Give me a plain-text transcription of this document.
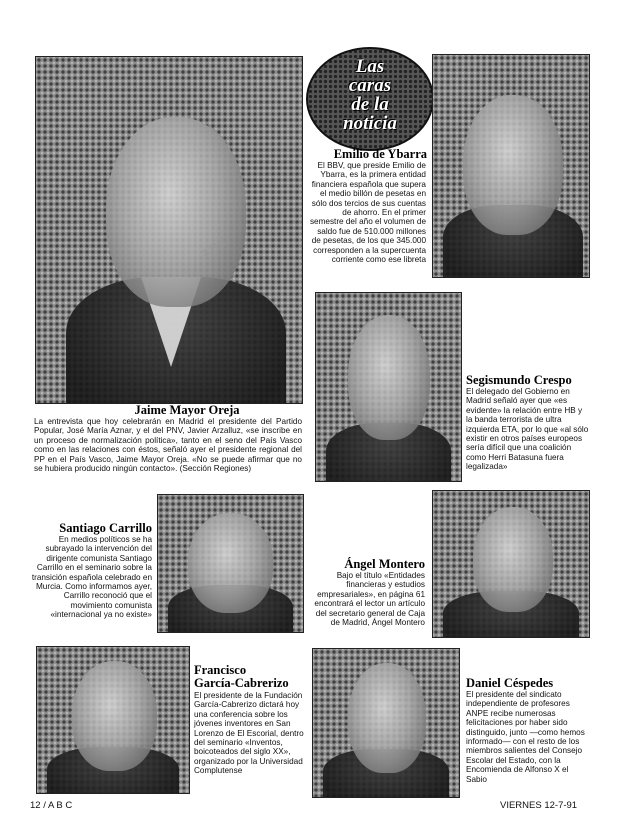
ABC
Jaime Mayor Oreja
La entrevista que hoy celebrarán en Madrid el presidente del Partido Popular, José María Aznar, y el del PNV, Javier Arzalluz, «se inscribe en un proceso de normalización política», tanto en el seno del País Vasco como en las relaciones con éstos, señaló ayer el presidente regional del PP en el País Vasco, Jaime Mayor Oreja. «No se puede afirmar que no se hubiera producido ningún contacto». (Sección Regiones)
Las
caras
de la
noticia
Emilio de Ybarra
El BBV, que preside Emilio de Ybarra, es la primera entidad financiera española que supera el medio billón de pesetas en sólo dos tercios de sus cuentas de ahorro. En el primer semestre del año el volumen de saldo fue de 510.000 millones de pesetas, de los que 345.000 corresponden a la supercuenta corriente como ese libreta
Segismundo Crespo
El delegado del Gobierno en Madrid señaló ayer que «es evidente» la relación entre HB y la banda terrorista de ultra izquierda ETA, por lo que «al sólo existir en otros países europeos sería difícil que una coalición como Herri Batasuna fuera legalizada»
Santiago Carrillo
En medios políticos se ha subrayado la intervención del dirigente comunista Santiago Carrillo en el seminario sobre la transición española celebrado en Murcia. Como informamos ayer, Carrillo reconoció que el movimiento comunista «internacional ya no existe»
Ángel Montero
Bajo el título «Entidades financieras y estudios empresariales», en página 61 encontrará el lector un artículo del secretario general de Caja de Madrid, Ángel Montero
Francisco
García-Cabrerizo
El presidente de la Fundación García-Cabrerizo dictará hoy una conferencia sobre los jóvenes inventores en San Lorenzo de El Escorial, dentro del seminario «Inventos, boicoteados del siglo XX», organizado por la Universidad Complutense
Daniel Céspedes
El presidente del sindicato independiente de profesores ANPE recibe numerosas felicitaciones por haber sido distinguido, junto —como hemos informado— con el resto de los miembros salientes del Consejo Escolar del Estado, con la Encomienda de Alfonso X el Sabio
12 / A B C	VIERNES 12-7-91
